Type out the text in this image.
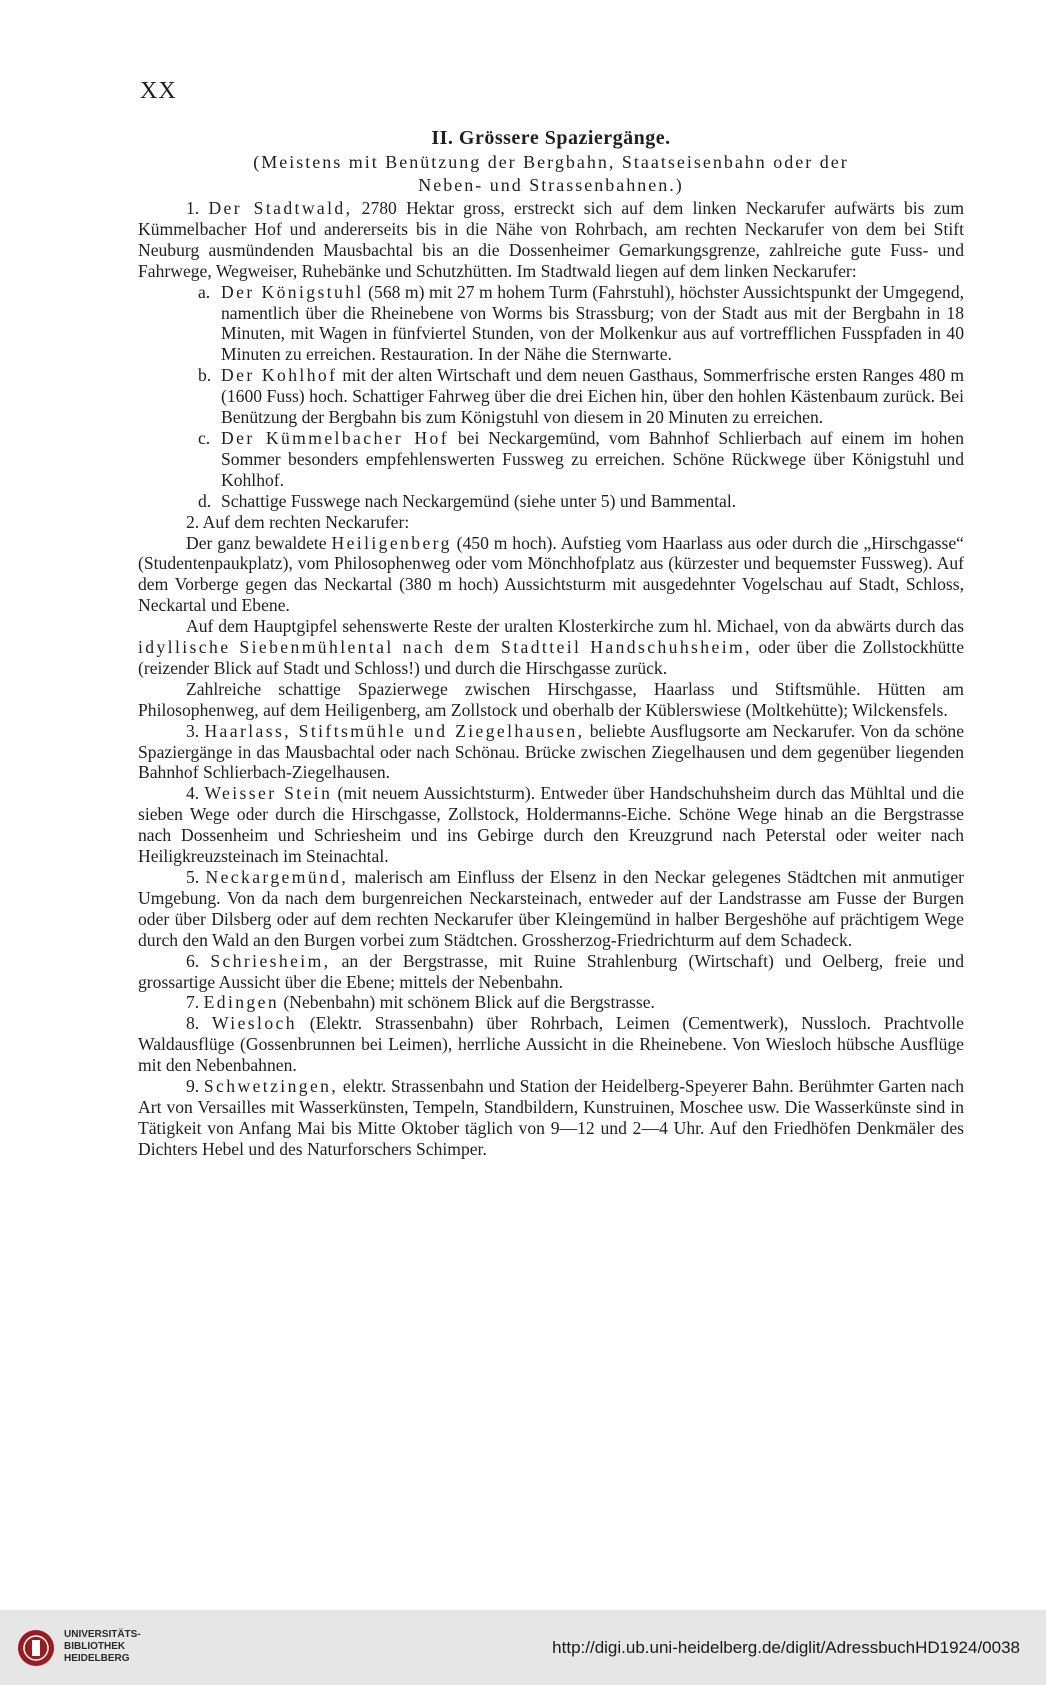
XX
II. Grössere Spaziergänge.
(Meistens mit Benützung der Bergbahn, Staatseisenbahn oder der
Neben- und Strassenbahnen.)

1. Der Stadtwald, 2780 Hektar gross, erstreckt sich auf dem linken Neckarufer aufwärts bis zum Kümmelbacher Hof und andererseits bis in die Nähe von Rohrbach, am rechten Neckarufer von dem bei Stift Neuburg ausmündenden Mausbachtal bis an die Dossenheimer Gemarkungsgrenze, zahlreiche gute Fuss- und Fahrwege, Wegweiser, Ruhebänke und Schutzhütten. Im Stadtwald liegen auf dem linken Neckarufer:

a. Der Königstuhl (568 m) mit 27 m hohem Turm (Fahrstuhl), höchster Aussichtspunkt der Umgegend, namentlich über die Rheinebene von Worms bis Strassburg; von der Stadt aus mit der Bergbahn in 18 Minuten, mit Wagen in fünfviertel Stunden, von der Molkenkur aus auf vortrefflichen Fusspfaden in 40 Minuten zu erreichen. Restauration. In der Nähe die Sternwarte.

b. Der Kohlhof mit der alten Wirtschaft und dem neuen Gasthaus, Sommerfrische ersten Ranges 480 m (1600 Fuss) hoch. Schattiger Fahrweg über die drei Eichen hin, über den hohlen Kästenbaum zurück. Bei Benützung der Bergbahn bis zum Königstuhl von diesem in 20 Minuten zu erreichen.

c. Der Kümmelbacher Hof bei Neckargemünd, vom Bahnhof Schlierbach auf einem im hohen Sommer besonders empfehlenswerten Fussweg zu erreichen. Schöne Rückwege über Königstuhl und Kohlhof.

d. Schattige Fusswege nach Neckargemünd (siehe unter 5) und Bammental.

2. Auf dem rechten Neckarufer:

Der ganz bewaldete Heiligenberg (450 m hoch). Aufstieg vom Haarlass aus oder durch die „Hirschgasse“ (Studentenpaukplatz), vom Philosophenweg oder vom Mönchhofplatz aus (kürzester und bequemster Fussweg). Auf dem Vorberge gegen das Neckartal (380 m hoch) Aussichtsturm mit ausgedehnter Vogelschau auf Stadt, Schloss, Neckartal und Ebene.

Auf dem Hauptgipfel sehenswerte Reste der uralten Klosterkirche zum hl. Michael, von da abwärts durch das idyllische Siebenmühlental nach dem Stadtteil Handschuhsheim, oder über die Zollstockhütte (reizender Blick auf Stadt und Schloss!) und durch die Hirschgasse zurück.

Zahlreiche schattige Spazierwege zwischen Hirschgasse, Haarlass und Stiftsmühle. Hütten am Philosophenweg, auf dem Heiligenberg, am Zollstock und oberhalb der Küblerswiese (Moltkehütte); Wilckensfels.

3. Haarlass, Stiftsmühle und Ziegelhausen, beliebte Ausflugsorte am Neckarufer. Von da schöne Spaziergänge in das Mausbachtal oder nach Schönau. Brücke zwischen Ziegelhausen und dem gegenüber liegenden Bahnhof Schlierbach-Ziegelhausen.

4. Weisser Stein (mit neuem Aussichtsturm). Entweder über Handschuhsheim durch das Mühltal und die sieben Wege oder durch die Hirschgasse, Zollstock, Holdermanns-Eiche. Schöne Wege hinab an die Bergstrasse nach Dossenheim und Schriesheim und ins Gebirge durch den Kreuzgrund nach Peterstal oder weiter nach Heiligkreuzsteinach im Steinachtal.

5. Neckargemünd, malerisch am Einfluss der Elsenz in den Neckar gelegenes Städtchen mit anmutiger Umgebung. Von da nach dem burgenreichen Neckarsteinach, entweder auf der Landstrasse am Fusse der Burgen oder über Dilsberg oder auf dem rechten Neckarufer über Kleingemünd in halber Bergeshöhe auf prächtigem Wege durch den Wald an den Burgen vorbei zum Städtchen. Grossherzog-Friedrichturm auf dem Schadeck.

6. Schriesheim, an der Bergstrasse, mit Ruine Strahlenburg (Wirtschaft) und Oelberg, freie und grossartige Aussicht über die Ebene; mittels der Nebenbahn.

7. Edingen (Nebenbahn) mit schönem Blick auf die Bergstrasse.

8. Wiesloch (Elektr. Strassenbahn) über Rohrbach, Leimen (Cementwerk), Nussloch. Prachtvolle Waldausflüge (Gossenbrunnen bei Leimen), herrliche Aussicht in die Rheinebene. Von Wiesloch hübsche Ausflüge mit den Nebenbahnen.

9. Schwetzingen, elektr. Strassenbahn und Station der Heidelberg-Speyerer Bahn. Berühmter Garten nach Art von Versailles mit Wasserkünsten, Tempeln, Standbildern, Kunstruinen, Moschee usw. Die Wasserkünste sind in Tätigkeit von Anfang Mai bis Mitte Oktober täglich von 9—12 und 2—4 Uhr. Auf den Friedhöfen Denkmäler des Dichters Hebel und des Naturforschers Schimper.

UNIVERSITÄTS-
BIBLIOTHEK
HEIDELBERG
http://digi.ub.uni-heidelberg.de/diglit/AdressbuchHD1924/0038
